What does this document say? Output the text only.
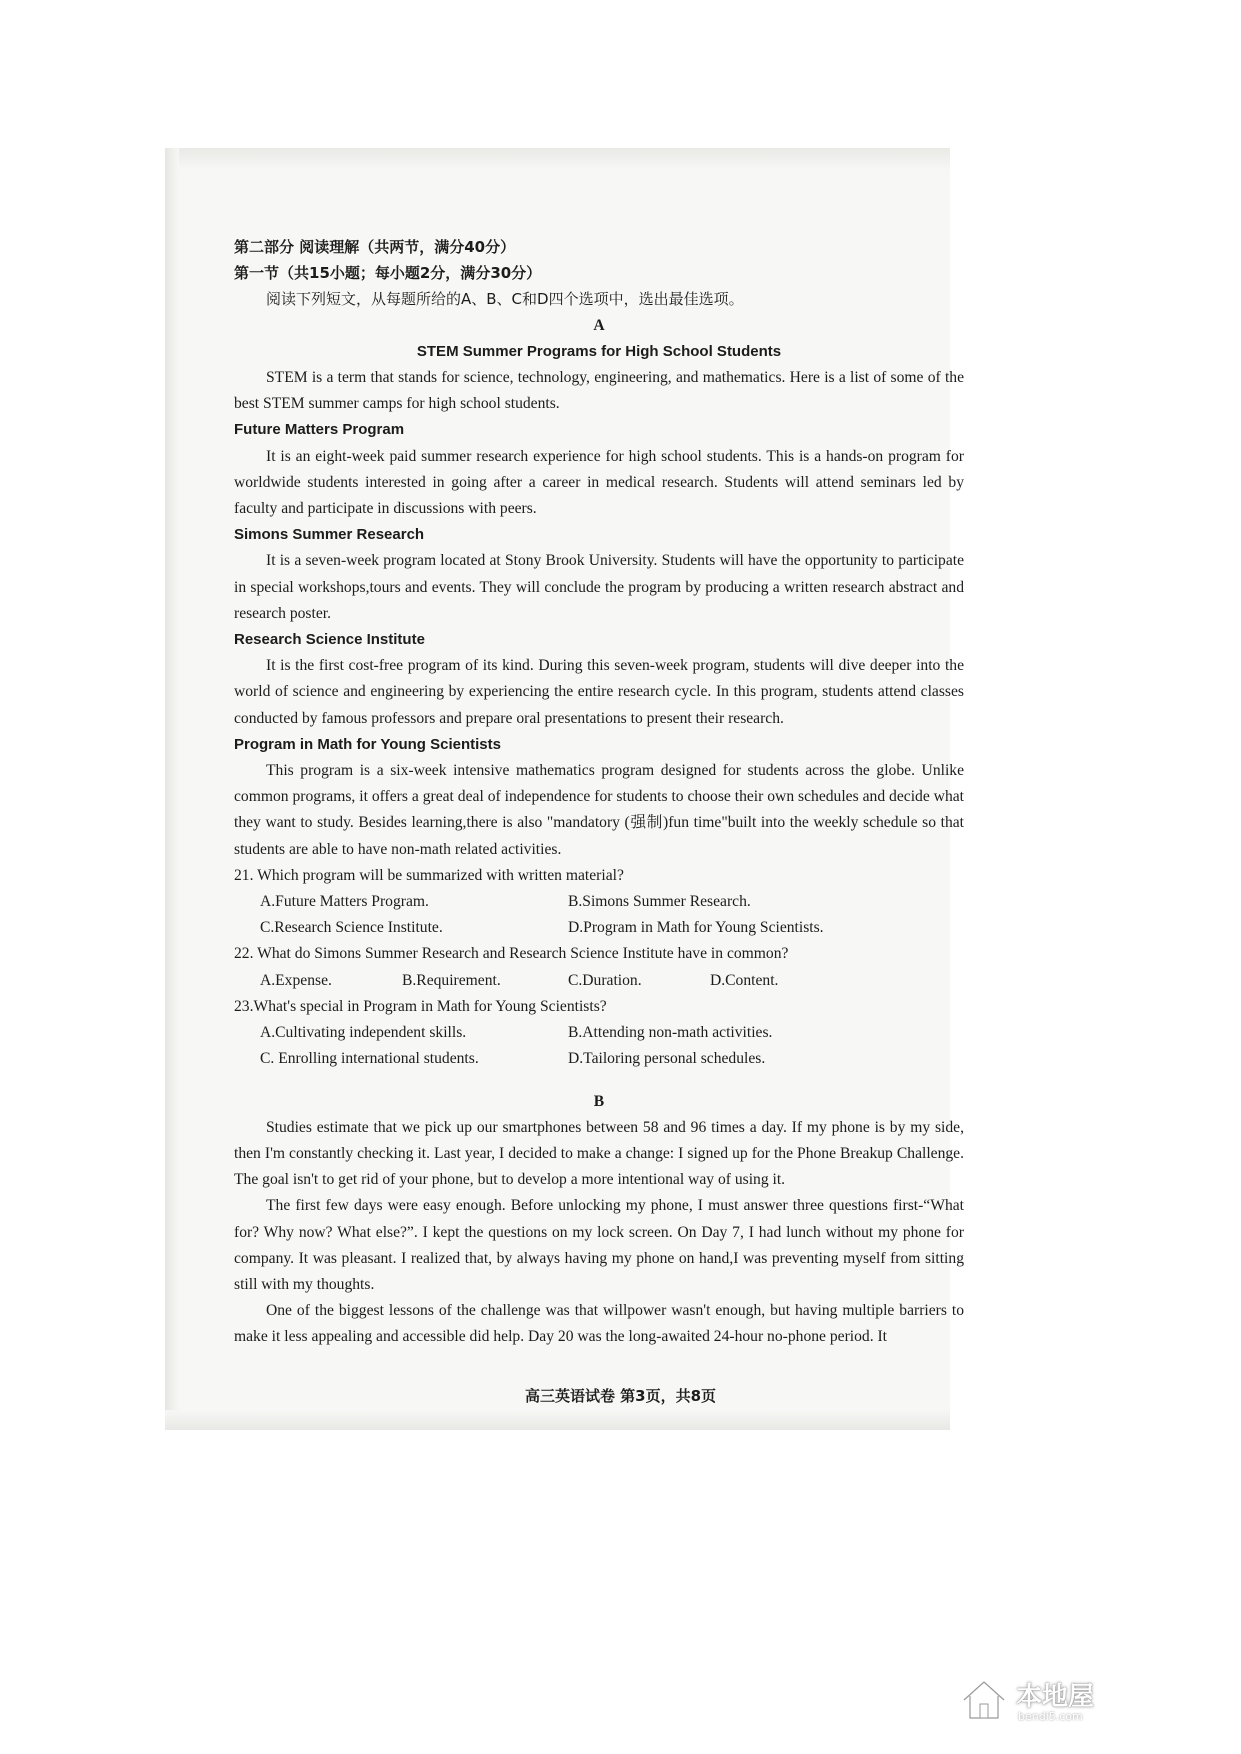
第二部分 阅读理解（共两节，满分40分）

第一节（共15小题；每小题2分，满分30分）

阅读下列短文，从每题所给的A、B、C和D四个选项中，选出最佳选项。

A

STEM Summer Programs for High School Students

STEM is a term that stands for science, technology, engineering, and mathematics. Here is a list of some of the best STEM summer camps for high school students.

Future Matters Program

It is an eight-week paid summer research experience for high school students. This is a hands-on program for worldwide students interested in going after a career in medical research. Students will attend seminars led by faculty and participate in discussions with peers.

Simons Summer Research

It is a seven-week program located at Stony Brook University. Students will have the opportunity to participate in special workshops,tours and events. They will conclude the program by producing a written research abstract and research poster.

Research Science Institute

It is the first cost-free program of its kind. During this seven-week program, students will dive deeper into the world of science and engineering by experiencing the entire research cycle. In this program, students attend classes conducted by famous professors and prepare oral presentations to present their research.

Program in Math for Young Scientists

This program is a six-week intensive mathematics program designed for students across the globe. Unlike common programs, it offers a great deal of independence for students to choose their own schedules and decide what they want to study. Besides learning,there is also "mandatory (强制)fun time"built into the weekly schedule so that students are able to have non-math related activities.

21. Which program will be summarized with written material?

A.Future Matters Program.	B.Simons Summer Research.
C.Research Science Institute.	D.Program in Math for Young Scientists.

22. What do Simons Summer Research and Research Science Institute have in common?

A.Expense.	B.Requirement.	C.Duration.	D.Content.

23.What's special in Program in Math for Young Scientists?

A.Cultivating independent skills.	B.Attending non-math activities.
C. Enrolling international students.	D.Tailoring personal schedules.

B

Studies estimate that we pick up our smartphones between 58 and 96 times a day. If my phone is by my side, then I'm constantly checking it. Last year, I decided to make a change: I signed up for the Phone Breakup Challenge. The goal isn't to get rid of your phone, but to develop a more intentional way of using it.

The first few days were easy enough. Before unlocking my phone, I must answer three questions first-“What for? Why now? What else?”. I kept the questions on my lock screen. On Day 7, I had lunch without my phone for company. It was pleasant. I realized that, by always having my phone on hand,I was preventing myself from sitting still with my thoughts.

One of the biggest lessons of the challenge was that willpower wasn't enough, but having multiple barriers to make it less appealing and accessible did help. Day 20 was the long-awaited 24-hour no-phone period. It

高三英语试卷 第3页，共8页
本地屋
bendi5.com
